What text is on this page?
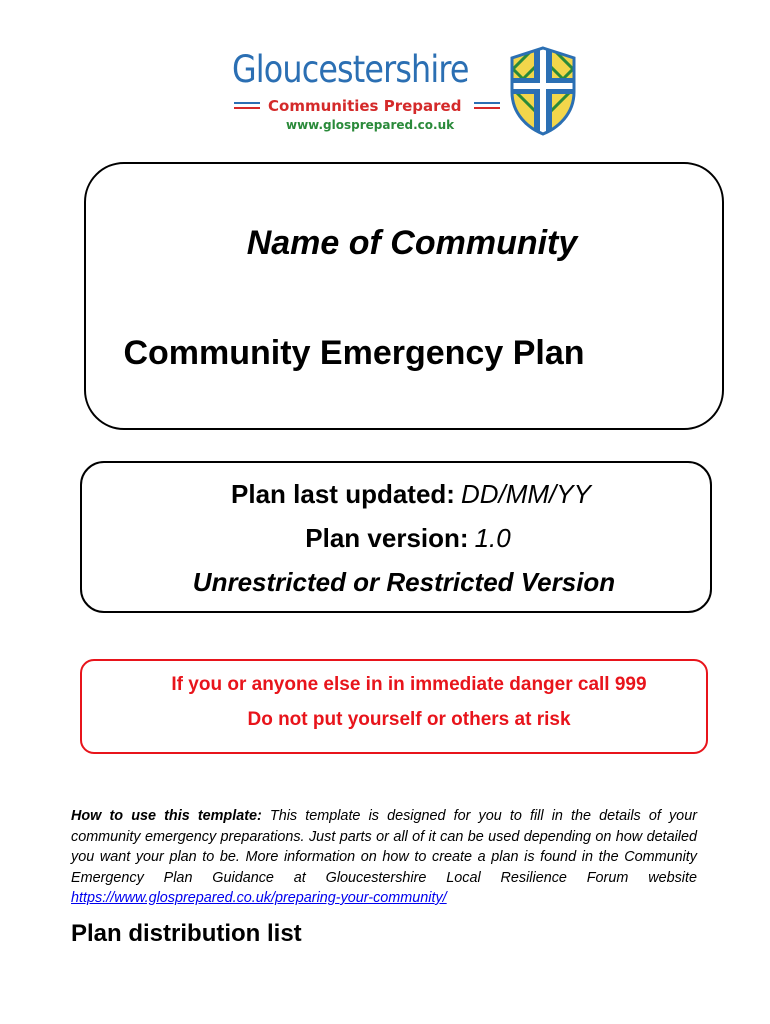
Gloucestershire
Communities Prepared
www.glosprepared.co.uk
Name of Community
Community Emergency Plan
Plan last updated: DD/MM/YY
Plan version: 1.0
Unrestricted or Restricted Version
If you or anyone else in in immediate danger call 999
Do not put yourself or others at risk
How to use this template: This template is designed for you to fill in the details of your community emergency preparations. Just parts or all of it can be used depending on how detailed you want your plan to be. More information on how to create a plan is found in the Community Emergency Plan Guidance at Gloucestershire Local Resilience Forum website https://www.glosprepared.co.uk/preparing-your-community/
Plan distribution list
